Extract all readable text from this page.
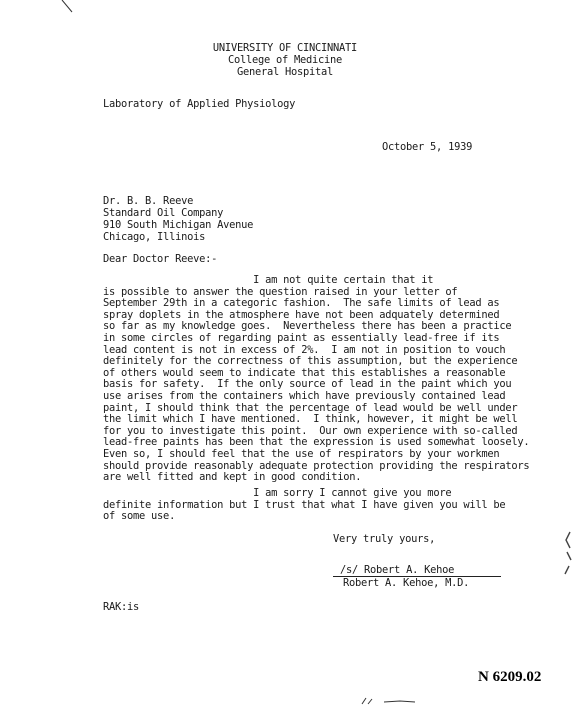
UNIVERSITY OF CINCINNATI
College of Medicine
General Hospital
Laboratory of Applied Physiology
October 5, 1939
Dr. B. B. Reeve
Standard Oil Company
910 South Michigan Avenue
Chicago, Illinois
Dear Doctor Reeve:-
I am not quite certain that it
is possible to answer the question raised in your letter of
September 29th in a categoric fashion.  The safe limits of lead as
spray doplets in the atmosphere have not been adquately determined
so far as my knowledge goes.  Nevertheless there has been a practice
in some circles of regarding paint as essentially lead-free if its
lead content is not in excess of 2%.  I am not in position to vouch
definitely for the correctness of this assumption, but the experience
of others would seem to indicate that this establishes a reasonable
basis for safety.  If the only source of lead in the paint which you
use arises from the containers which have previously contained lead
paint, I should think that the percentage of lead would be well under
the limit which I have mentioned.  I think, however, it might be well
for you to investigate this point.  Our own experience with so-called
lead-free paints has been that the expression is used somewhat loosely.
Even so, I should feel that the use of respirators by your workmen
should provide reasonably adequate protection providing the respirators
are well fitted and kept in good condition.
I am sorry I cannot give you more
definite information but I trust that what I have given you will be
of some use.
Very truly yours,
/s/ Robert A. Kehoe
Robert A. Kehoe, M.D.
RAK:is
N 6209.02
